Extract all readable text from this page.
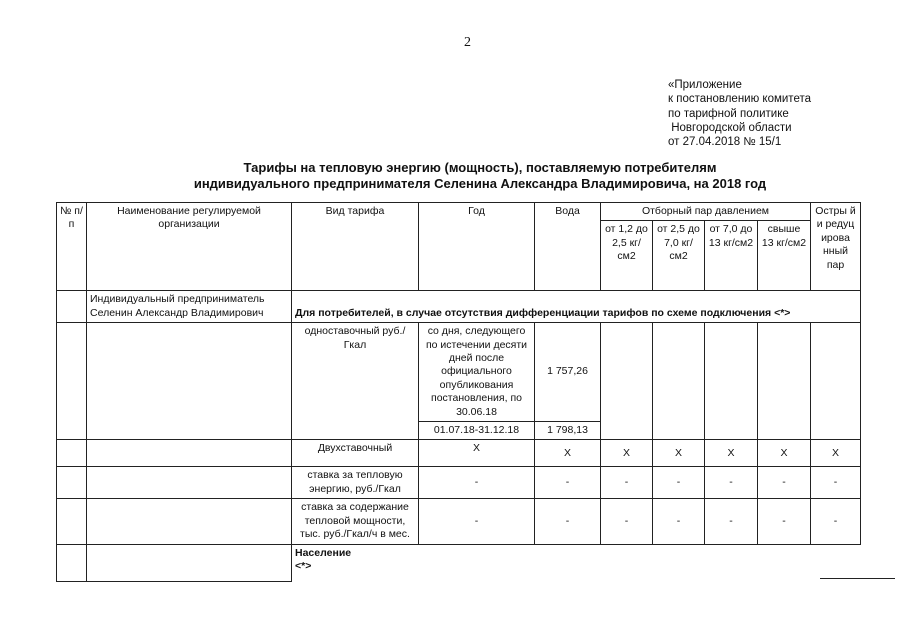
2
«Приложение
к постановлению комитета
по тарифной политике
Новгородской области
от 27.04.2018 № 15/1
Тарифы на тепловую энергию (мощность), поставляемую потребителям
индивидуального предпринимателя Селенина Александра Владимировича, на 2018 год
№ п/п	Наименование регулируемой организации	Вид тарифа	Год	Вода	Отборный пар давлением				Остры й и редуц ирова нный пар
					от 1,2 до 2,5 кг/см2	от 2,5 до 7,0 кг/см2	от 7,0 до 13 кг/см2	свыше 13 кг/см2	
	Индивидуальный предприниматель Селенин Александр Владимирович	Для потребителей, в случае отсутствия дифференциации тарифов по схеме подключения <*>							
		одноставочный руб./Гкал	со дня, следующего по истечении десяти дней после официального опубликования постановления, по 30.06.18	1 757,26					
			01.07.18-31.12.18	1 798,13					
		Двухставочный	X	X	X	X	X	X	X
		ставка за тепловую энергию, руб./Гкал	-	-	-	-	-	-	-
		ставка за содержание тепловой мощности, тыс. руб./Гкал/ч в мес.	-	-	-	-	-	-	-

		Население
<*>							
